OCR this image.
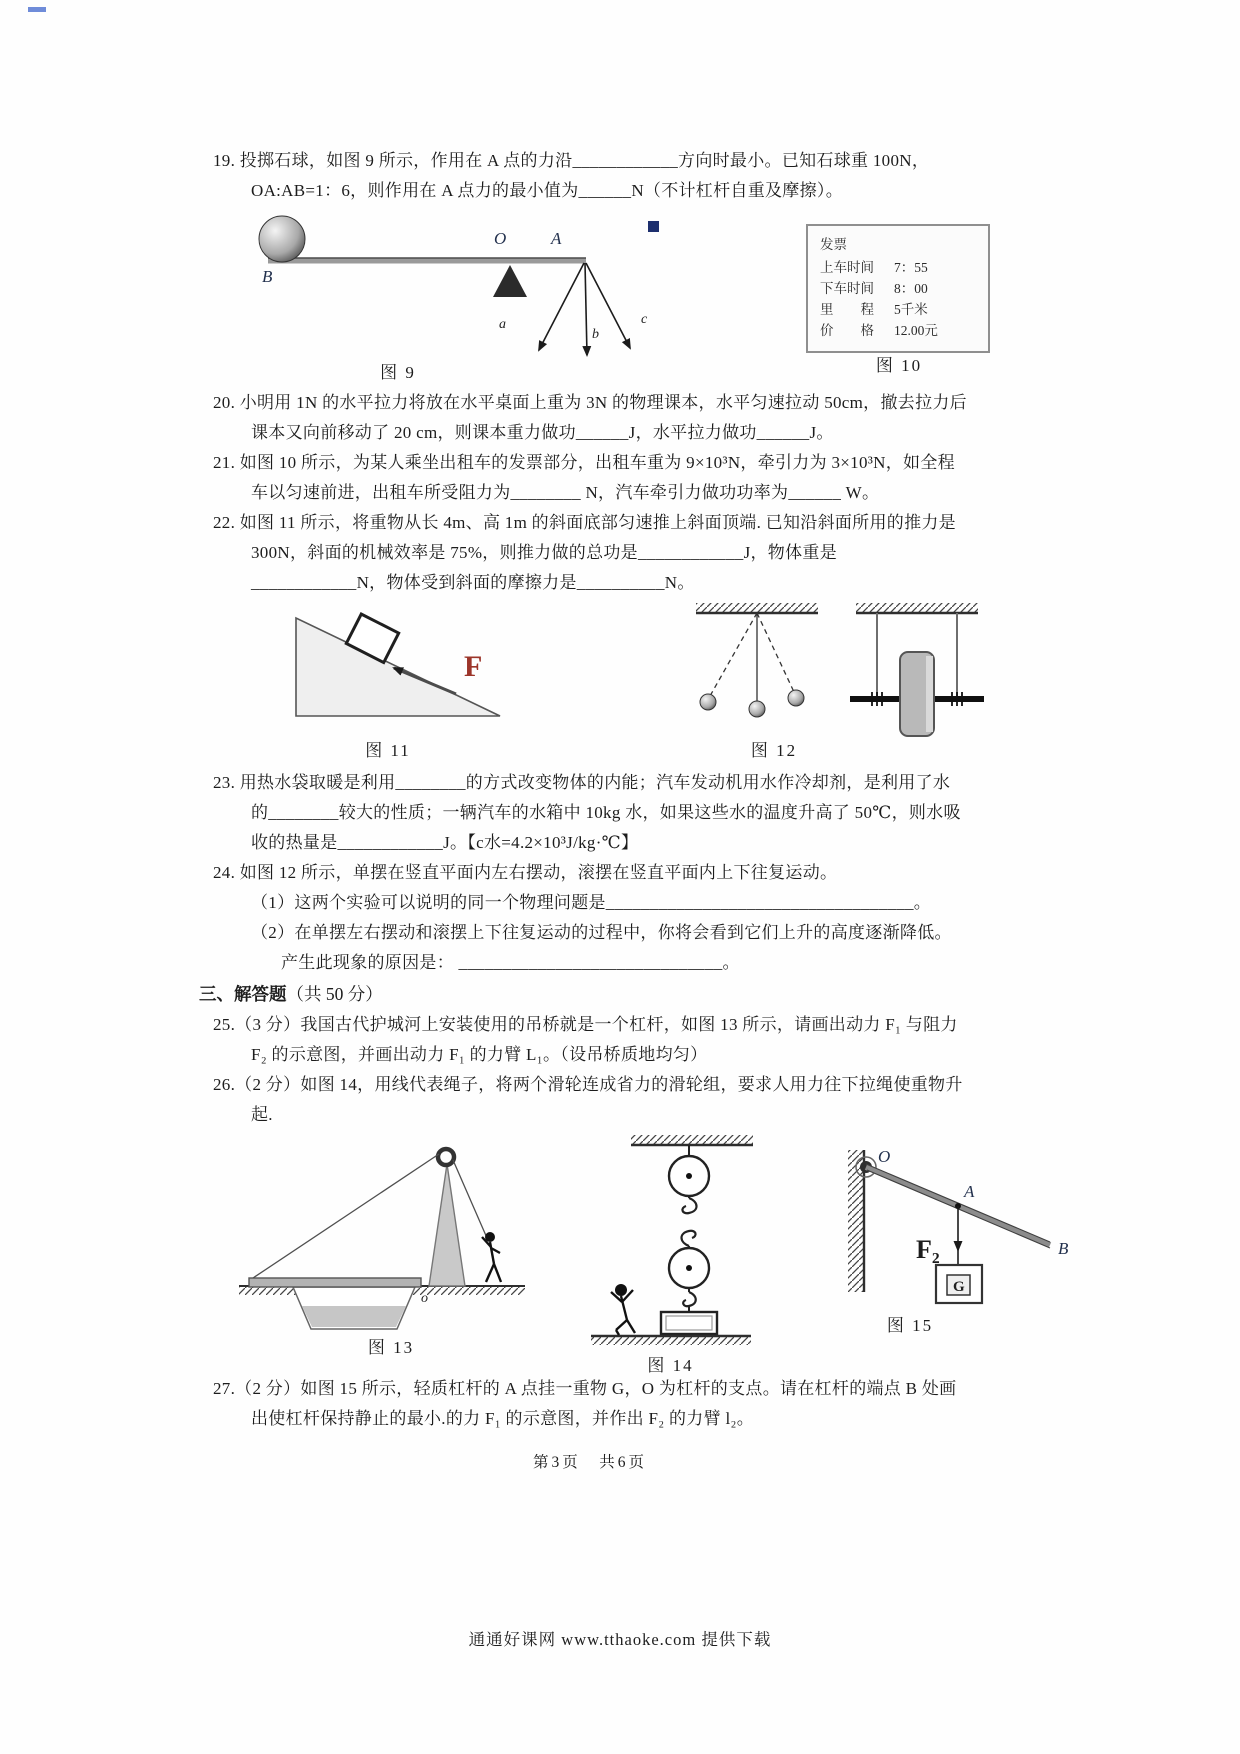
19. 投掷石球，如图 9 所示，作用在 A 点的力沿____________方向时最小。已知石球重 100N，OA:AB=1：6，则作用在 A 点力的最小值为______N（不计杠杆自重及摩擦）。

B
O	A
a
b
c
图 9
发票
上车时间	7：55
下车时间	8：00
里　　程	5千米
价　　格	12.00元
图 10

20. 小明用 1N 的水平拉力将放在水平桌面上重为 3N 的物理课本，水平匀速拉动 50cm，撤去拉力后课本又向前移动了 20 cm，则课本重力做功______J，水平拉力做功______J。

21. 如图 10 所示，为某人乘坐出租车的发票部分，出租车重为 9×10³N，牵引力为 3×10³N，如全程车以匀速前进，出租车所受阻力为________ N，汽车牵引力做功功率为______ W。

22. 如图 11 所示，将重物从长 4m、高 1m 的斜面底部匀速推上斜面顶端. 已知沿斜面所用的推力是 300N，斜面的机械效率是 75%，则推力做的总功是____________J，物体重是____________N，物体受到斜面的摩擦力是__________N。

F
图 11	图 12

23. 用热水袋取暖是利用________的方式改变物体的内能；汽车发动机用水作冷却剂，是利用了水的________较大的性质；一辆汽车的水箱中 10kg 水，如果这些水的温度升高了 50℃，则水吸收的热量是____________J。【c水=4.2×10³J/kg·℃】

24. 如图 12 所示，单摆在竖直平面内左右摆动，滚摆在竖直平面内上下往复运动。

（1）这两个实验可以说明的同一个物理问题是___________________________________。

（2）在单摆左右摆动和滚摆上下往复运动的过程中，你将会看到它们上升的高度逐渐降低。产生此现象的原因是： ______________________________。

三、解答题（共 50 分）

25.（3 分）我国古代护城河上安装使用的吊桥就是一个杠杆，如图 13 所示，请画出动力 F₁ 与阻力 F₂ 的示意图，并画出动力 F₁ 的力臂 L₁。（设吊桥质地均匀）

26.（2 分）如图 14，用线代表绳子，将两个滑轮连成省力的滑轮组，要求人用力往下拉绳使重物升起.

o
图 13
图 14
O
A
F₂
G
B
图 15

27.（2 分）如图 15 所示，轻质杠杆的 A 点挂一重物 G，O 为杠杆的支点。请在杠杆的端点 B 处画出使杠杆保持静止的最小.的力 F₁ 的示意图，并作出 F₂ 的力臂 l₂。

第3页　共6页
通通好课网 www.tthaoke.com 提供下载
